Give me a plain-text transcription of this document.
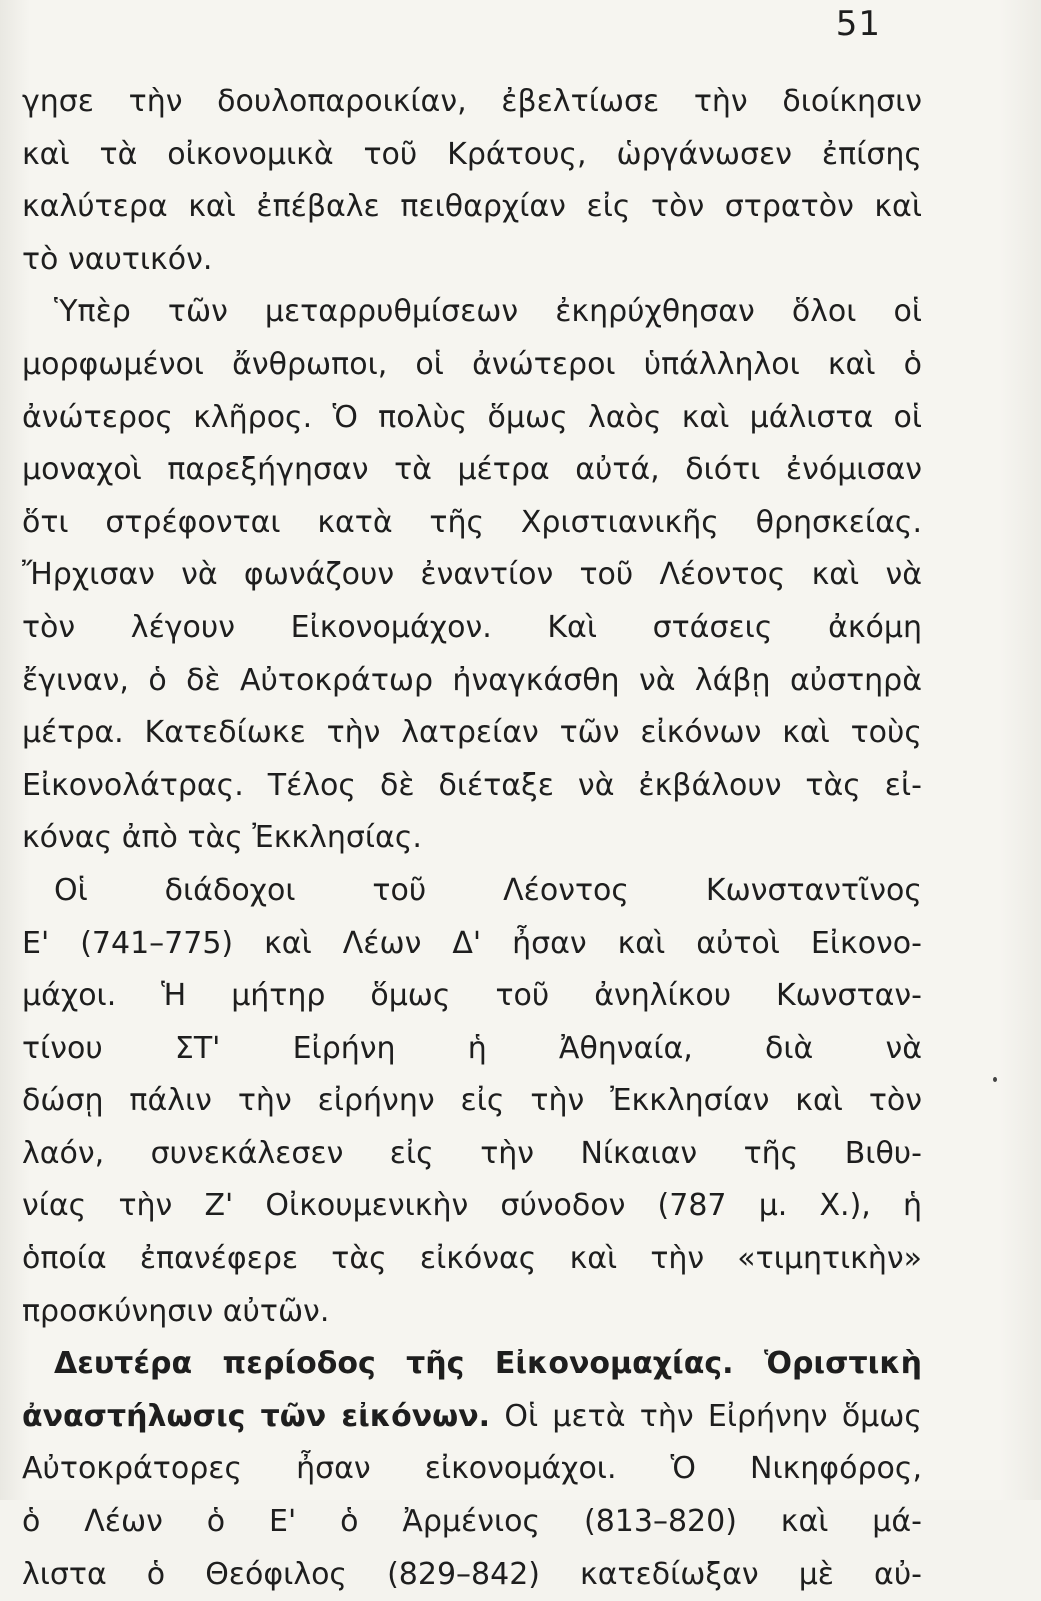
51
γησε τὴν δουλοπαροικίαν, ἐβελτίωσε τὴν διοίκησιν
καὶ τὰ οἰκονομικὰ τοῦ Κράτους, ὡργάνωσεν ἐπίσης
καλύτερα καὶ ἐπέβαλε πειθαρχίαν εἰς τὸν στρατὸν καὶ
τὸ ναυτικόν.
Ὑπὲρ τῶν μεταρρυθμίσεων ἐκηρύχθησαν ὅλοι οἱ
μορφωμένοι ἄνθρωποι, οἱ ἀνώτεροι ὑπάλληλοι καὶ ὁ
ἀνώτερος κλῆρος. Ὁ πολὺς ὅμως λαὸς καὶ μάλιστα οἱ
μοναχοὶ παρεξήγησαν τὰ μέτρα αὐτά, διότι ἐνόμισαν
ὅτι στρέφονται κατὰ τῆς Χριστιανικῆς θρησκείας.
Ἤρχισαν νὰ φωνάζουν ἐναντίον τοῦ Λέοντος καὶ νὰ
τὸν λέγουν Εἰκονομάχον. Καὶ στάσεις ἀκόμη
ἔγιναν, ὁ δὲ Αὐτοκράτωρ ἠναγκάσθη νὰ λάβῃ αὐστηρὰ
μέτρα. Κατεδίωκε τὴν λατρείαν τῶν εἰκόνων καὶ τοὺς
Εἰκονολάτρας. Τέλος δὲ διέταξε νὰ ἐκβάλουν τὰς εἰ-
κόνας ἀπὸ τὰς Ἐκκλησίας.
Οἱ διάδοχοι τοῦ Λέοντος Κωνσταντῖνος
Ε' (741–775) καὶ Λέων Δ' ἦσαν καὶ αὐτοὶ Εἰκονο-
μάχοι. Ἡ μήτηρ ὅμως τοῦ ἀνηλίκου Κωνσταν-
τίνου ΣΤ' Εἰρήνη ἡ Ἀθηναία, διὰ νὰ
δώσῃ πάλιν τὴν εἰρήνην εἰς τὴν Ἐκκλησίαν καὶ τὸν
λαόν, συνεκάλεσεν εἰς τὴν Νίκαιαν τῆς Βιθυ-
νίας τὴν Ζ' Οἰκουμενικὴν σύνοδον (787 μ. Χ.), ἡ
ὁποία ἐπανέφερε τὰς εἰκόνας καὶ τὴν «τιμητικὴν»
προσκύνησιν αὐτῶν.
Δευτέρα περίοδος τῆς Εἰκονομαχίας. Ὁριστικὴ
ἀναστήλωσις τῶν εἰκόνων. Οἱ μετὰ τὴν Εἰρήνην ὅμως
Αὐτοκράτορες ἦσαν εἰκονομάχοι. Ὁ Νικηφόρος,
ὁ Λέων ὁ Ε' ὁ Ἀρμένιος (813–820) καὶ μά-
λιστα ὁ Θεόφιλος (829–842) κατεδίωξαν μὲ αὐ-
